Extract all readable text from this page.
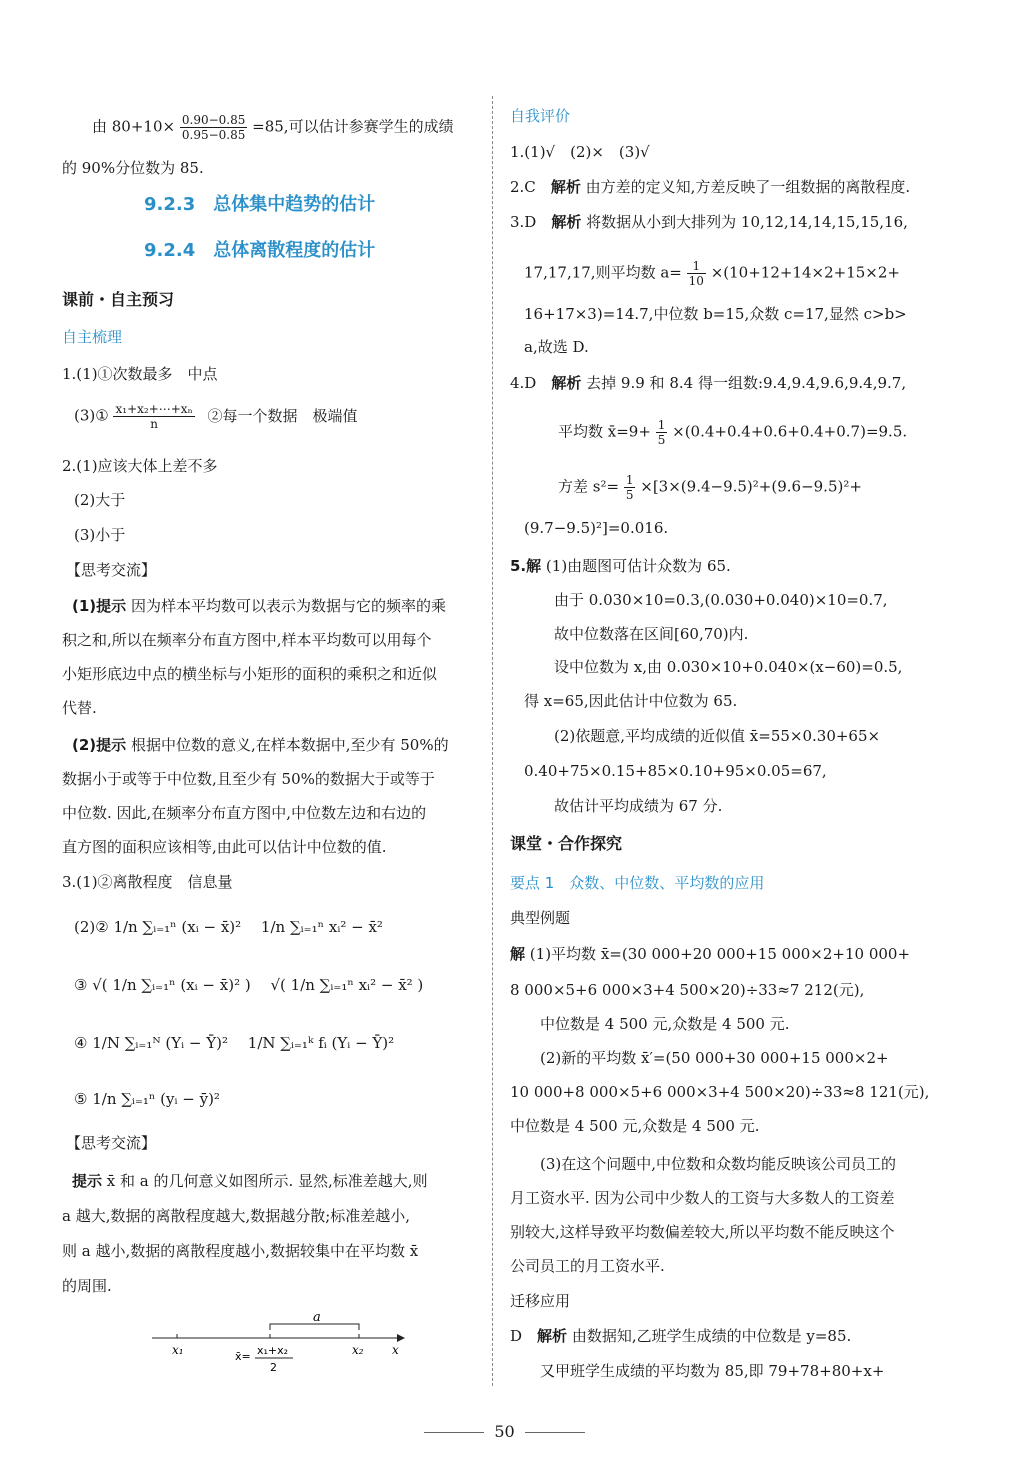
由 $80+10\times \frac{0.90-0.85}{0.95-0.85} =85$,可以估计参赛学生的成绩
的 90%分位数为 85.
9.2.3　总体集中趋势的估计
9.2.4　总体离散程度的估计
课前・自主预习
自主梳理
1.(1)①次数最多　中点
(3)① $\frac{\text{x₁+x₂+⋯+xₙ}}{n}$ ②每一个数据　极端值
2.(1)应该大体上差不多
(2)大于
(3)小于
【思考交流】
(1)提示 因为样本平均数可以表示为数据与它的频率的乘
积之和,所以在频率分布直方图中,样本平均数可以用每个
小矩形底边中点的横坐标与小矩形的面积的乘积之和近似
代替.
(2)提示 根据中位数的意义,在样本数据中,至少有 50%的
数据小于或等于中位数,且至少有 50%的数据大于或等于
中位数. 因此,在频率分布直方图中,中位数左边和右边的
直方图的面积应该相等,由此可以估计中位数的值.
3.(1)②离散程度　信息量
(2)② 1/n ∑ᵢ₌₁ⁿ (xᵢ − x̄)²　 1/n ∑ᵢ₌₁ⁿ xᵢ² − x̄²
③ √( 1/n ∑ᵢ₌₁ⁿ (xᵢ − x̄)² )　 √( 1/n ∑ᵢ₌₁ⁿ xᵢ² − x̄² )
④ 1/N ∑ᵢ₌₁ᴺ (Yᵢ − Ȳ)²　 1/N ∑ᵢ₌₁ᵏ fᵢ (Yᵢ − Ȳ)²
⑤ 1/n ∑ᵢ₌₁ⁿ (yᵢ − ȳ)²
【思考交流】
提示 x̄ 和 a 的几何意义如图所示. 显然,标准差越大,则
a 越大,数据的离散程度越大,数据越分散;标准差越小,
则 a 越小,数据的离散程度越小,数据较集中在平均数 x̄
的周围.
a
x₁	x₂ x
x̄= x₁+x₂
2
自我评价
1.(1)√　(2)×　(3)√
2.C　 解析 由方差的定义知,方差反映了一组数据的离散程度.
3.D　 解析 将数据从小到大排列为 10,12,14,14,15,15,16,
17,17,17,则平均数 $a= \frac{1}{10} \times(10+12+14\times 2+15\times 2+$
16+17×3)=14.7,中位数 b=15,众数 c=17,显然 c>b>
a,故选 D.
4.D　 解析 去掉 9.9 和 8.4 得一组数:9.4,9.4,9.6,9.4,9.7,
平均数 x̄=9+ $\frac{1}{5} \times(0.4+0.4+0.6+0.4+0.7)=9.5$.
方差 $s^2= \frac{1}{5} \times[3\times(9.4-9.5)^2+(9.6-9.5)^2+$
(9.7−9.5)²]=0.016.
5.解 (1)由题图可估计众数为 65.
由于 0.030×10=0.3,(0.030+0.040)×10=0.7,
故中位数落在区间[60,70)内.
设中位数为 x,由 0.030×10+0.040×(x−60)=0.5,
得 x=65,因此估计中位数为 65.
(2)依题意,平均成绩的近似值 x̄=55×0.30+65×
0.40+75×0.15+85×0.10+95×0.05=67,
故估计平均成绩为 67 分.
课堂・合作探究
要点 1　众数、中位数、平均数的应用
典型例题
解 (1)平均数 x̄=(30 000+20 000+15 000×2+10 000+
8 000×5+6 000×3+4 500×20)÷33≈7 212(元),
中位数是 4 500 元,众数是 4 500 元.
(2)新的平均数 x̄′=(50 000+30 000+15 000×2+
10 000+8 000×5+6 000×3+4 500×20)÷33≈8 121(元),
中位数是 4 500 元,众数是 4 500 元.
(3)在这个问题中,中位数和众数均能反映该公司员工的
月工资水平. 因为公司中少数人的工资与大多数人的工资差
别较大,这样导致平均数偏差较大,所以平均数不能反映这个
公司员工的月工资水平.
迁移应用
D　 解析 由数据知,乙班学生成绩的中位数是 y=85.
又甲班学生成绩的平均数为 85,即 79+78+80+x+
50
